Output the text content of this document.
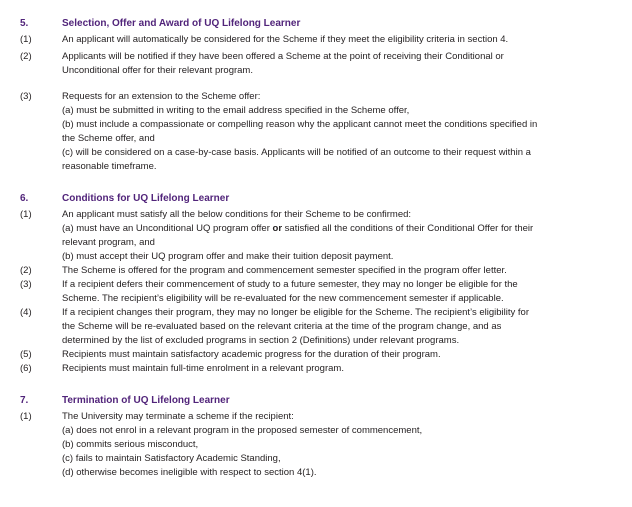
5.	Selection, Offer and Award of UQ Lifelong Learner
(1)	An applicant will automatically be considered for the Scheme if they meet the eligibility criteria in section 4.
(2)	Applicants will be notified if they have been offered a Scheme at the point of receiving their Conditional or
Unconditional offer for their relevant program.
(3)	Requests for an extension to the Scheme offer:
(a) must be submitted in writing to the email address specified in the Scheme offer,
(b) must include a compassionate or compelling reason why the applicant cannot meet the conditions specified in
the Scheme offer, and
(c) will be considered on a case-by-case basis. Applicants will be notified of an outcome to their request within a
reasonable timeframe.
6.	Conditions for UQ Lifelong Learner
(1)	An applicant must satisfy all the below conditions for their Scheme to be confirmed:
(a) must have an Unconditional UQ program offer or satisfied all the conditions of their Conditional Offer for their
relevant program, and
(b) must accept their UQ program offer and make their tuition deposit payment.
(2)	The Scheme is offered for the program and commencement semester specified in the program offer letter.
(3)	If a recipient defers their commencement of study to a future semester, they may no longer be eligible for the
Scheme. The recipient’s eligibility will be re-evaluated for the new commencement semester if applicable.
(4)	If a recipient changes their program, they may no longer be eligible for the Scheme. The recipient’s eligibility for
the Scheme will be re-evaluated based on the relevant criteria at the time of the program change, and as
determined by the list of excluded programs in section 2 (Definitions) under relevant programs.
(5)	Recipients must maintain satisfactory academic progress for the duration of their program.
(6)	Recipients must maintain full-time enrolment in a relevant program.
7.	Termination of UQ Lifelong Learner
(1)	The University may terminate a scheme if the recipient:
(a) does not enrol in a relevant program in the proposed semester of commencement,
(b) commits serious misconduct,
(c) fails to maintain Satisfactory Academic Standing,
(d) otherwise becomes ineligible with respect to section 4(1).
